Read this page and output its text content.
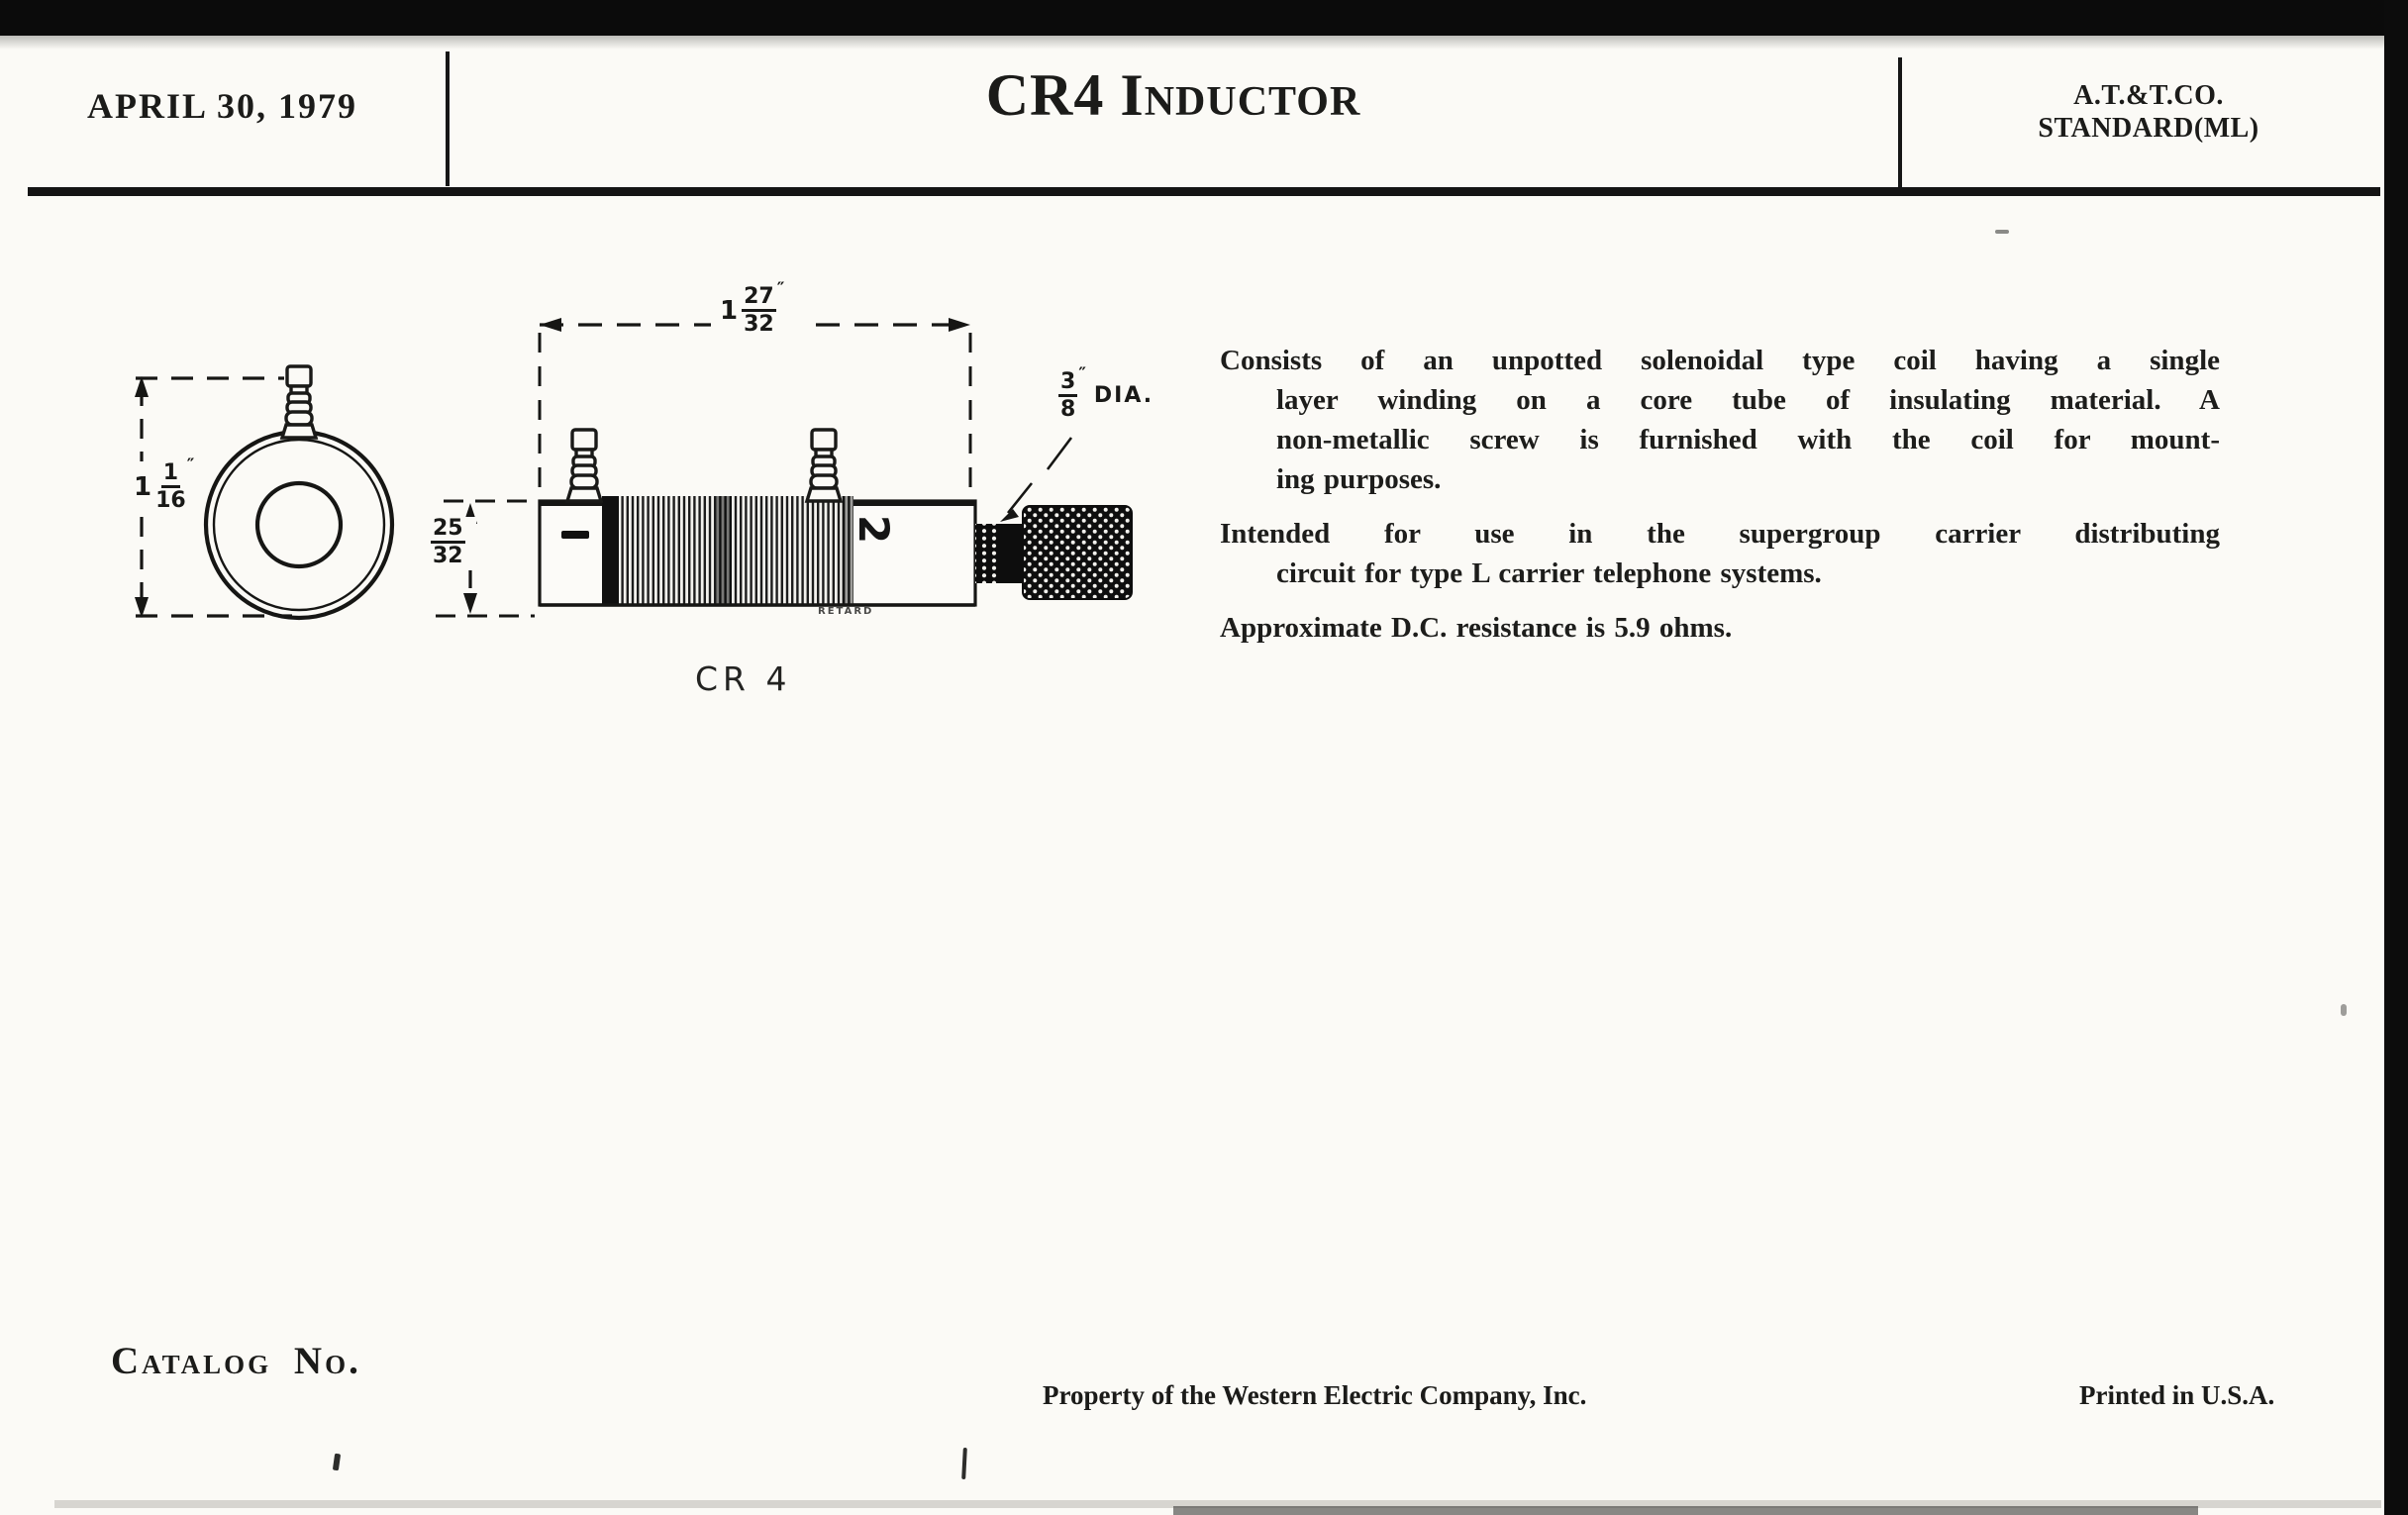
APRIL 30, 1979	CR4 Inductor	A.T.&T.CO.
STANDARD(ML)
$1 \frac{1}{16}$ ″
$1 \frac{27}{32}$ ″
$\frac{25}{32}$ ″
$\frac{3}{8}$ ″
DIA.
2
RETARD
CR 4
Consists of an unpotted solenoidal type coil having a single
layer winding on a core tube of insulating material. A
non-metallic screw is furnished with the coil for mount-
ing purposes.
Intended for use in the supergroup carrier distributing
circuit for type L carrier telephone systems.
Approximate D.C. resistance is 5.9 ohms.
Catalog No.
Property of the Western Electric Company, Inc.	Printed in U.S.A.
